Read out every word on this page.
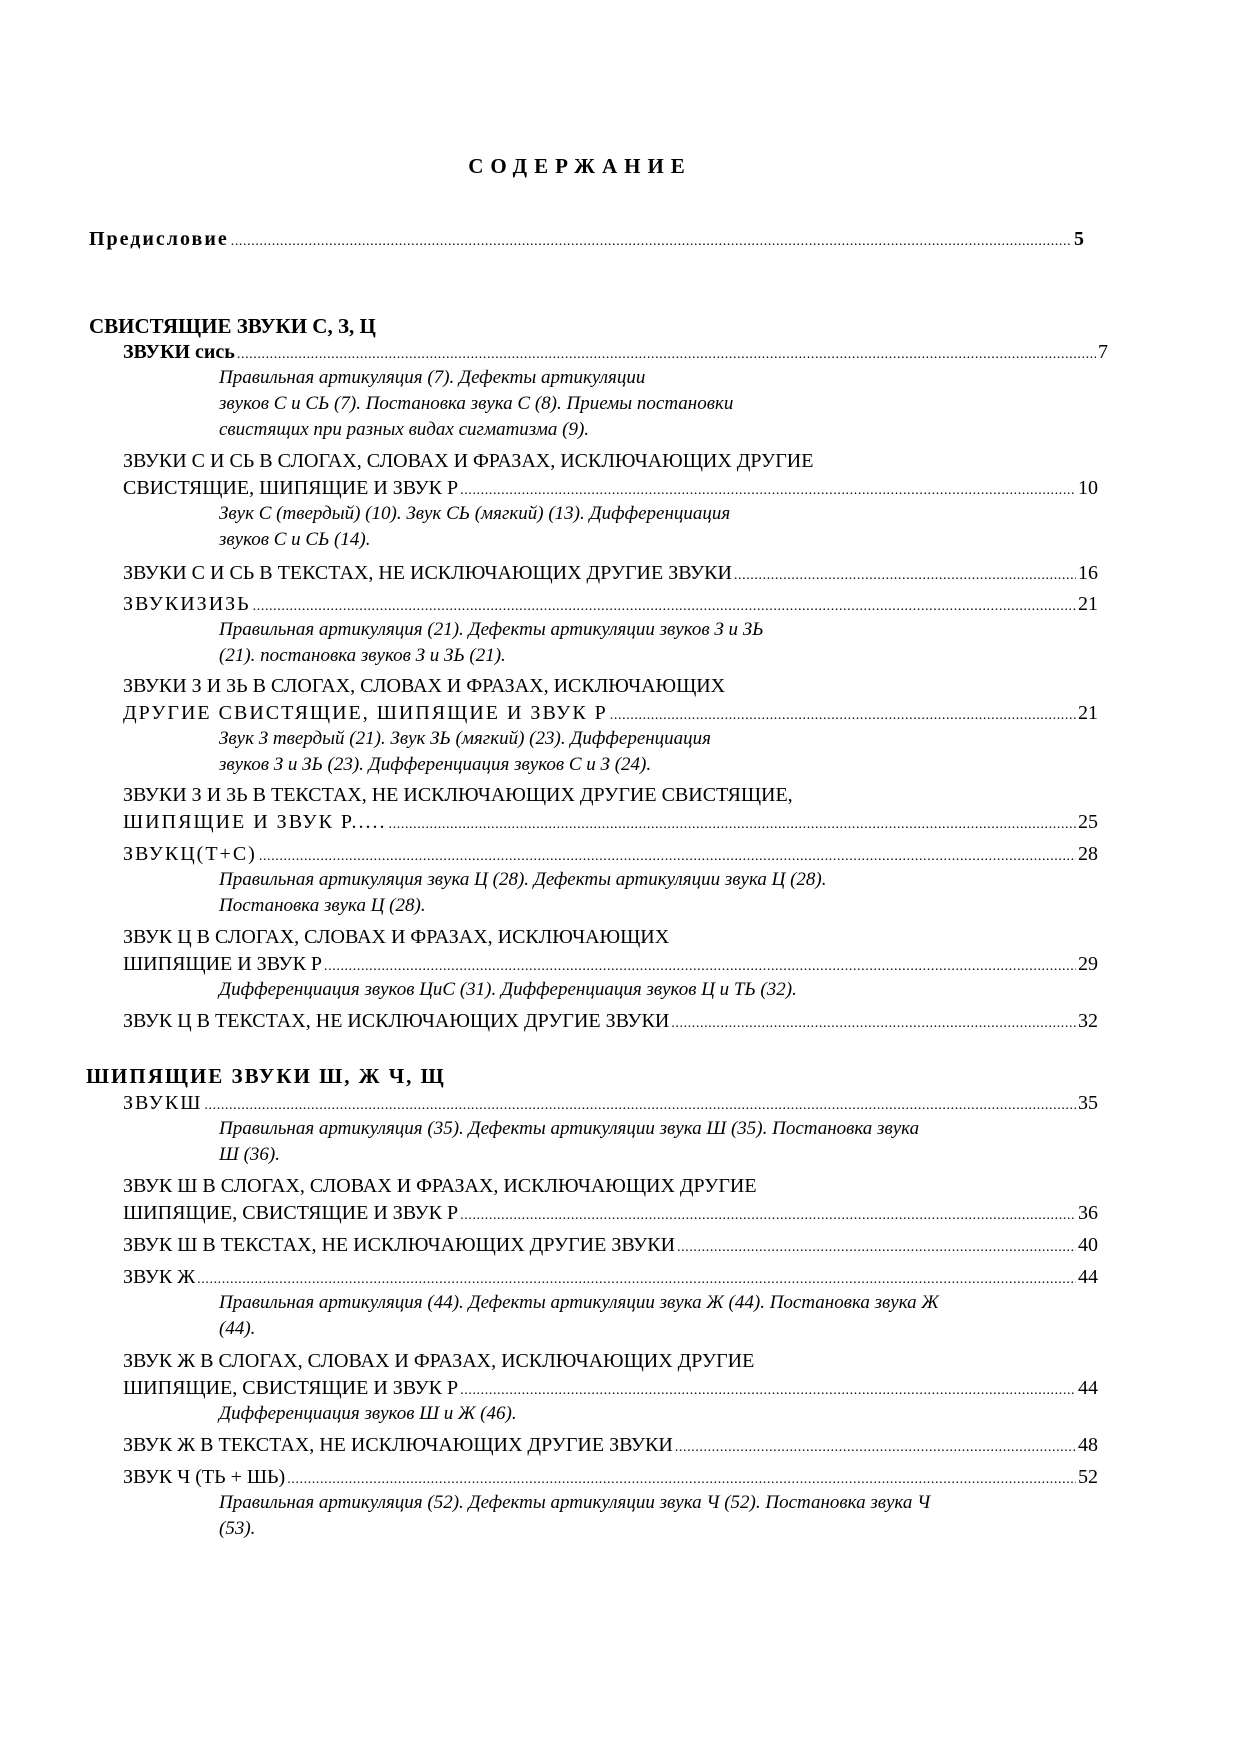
СОДЕРЖАНИЕ
Предисловие .....	5
СВИСТЯЩИЕ ЗВУКИ С, З, Ц
ЗВУКИ сись .....	7
Правильная артикуляция (7). Дефекты артикуляции
звуков С и СЬ (7). Постановка звука С (8). Приемы постановки
свистящих при разных видах сигматизма (9).
ЗВУКИ С И СЬ В СЛОГАХ, СЛОВАХ И ФРАЗАХ, ИСКЛЮЧАЮЩИХ ДРУГИЕ
СВИСТЯЩИЕ, ШИПЯЩИЕ И ЗВУК Р .....	10
Звук С (твердый) (10). Звук СЬ (мягкий) (13). Дифференциация
звуков С и СЬ (14).
ЗВУКИ С И СЬ В ТЕКСТАХ, НЕ ИСКЛЮЧАЮЩИХ ДРУГИЕ ЗВУКИ .....	16
ЗВУКИЗИЗЬ .....	21
Правильная артикуляция (21). Дефекты артикуляции звуков З и ЗЬ
(21). постановка звуков З и ЗЬ (21).
ЗВУКИ З И ЗЬ В СЛОГАХ, СЛОВАХ И ФРАЗАХ, ИСКЛЮЧАЮЩИХ
ДРУГИЕ СВИСТЯЩИЕ, ШИПЯЩИЕ И ЗВУК Р .....	21
Звук З твердый (21). Звук ЗЬ (мягкий) (23). Дифференциация
звуков З и ЗЬ (23). Дифференциация звуков С и З (24).
ЗВУКИ З И ЗЬ В ТЕКСТАХ, НЕ ИСКЛЮЧАЮЩИХ ДРУГИЕ СВИСТЯЩИЕ,
ШИПЯЩИЕ И ЗВУК Р..... .....	25
ЗВУКЦ(Т+С) .....	28
Правильная артикуляция звука Ц (28). Дефекты артикуляции звука Ц (28).
Постановка звука Ц (28).
ЗВУК Ц В СЛОГАХ, СЛОВАХ И ФРАЗАХ, ИСКЛЮЧАЮЩИХ
ШИПЯЩИЕ И ЗВУК Р .....	29
Дифференциация звуков ЦиС (31). Дифференциация звуков Ц и ТЬ (32).
ЗВУК Ц В ТЕКСТАХ, НЕ ИСКЛЮЧАЮЩИХ ДРУГИЕ ЗВУКИ .....	32
ШИПЯЩИЕ ЗВУКИ Ш, Ж Ч, Щ
ЗВУКШ .....	35
Правильная артикуляция (35). Дефекты артикуляции звука Ш (35). Постановка звука
Ш (36).
ЗВУК Ш В СЛОГАХ, СЛОВАХ И ФРАЗАХ, ИСКЛЮЧАЮЩИХ ДРУГИЕ
ШИПЯЩИЕ, СВИСТЯЩИЕ И ЗВУК Р .....	36
ЗВУК Ш В ТЕКСТАХ, НЕ ИСКЛЮЧАЮЩИХ ДРУГИЕ ЗВУКИ .....	40
ЗВУК Ж .....	44
Правильная артикуляция (44). Дефекты артикуляции звука Ж (44). Постановка звука Ж
(44).
ЗВУК Ж В СЛОГАХ, СЛОВАХ И ФРАЗАХ, ИСКЛЮЧАЮЩИХ ДРУГИЕ
ШИПЯЩИЕ, СВИСТЯЩИЕ И ЗВУК Р .....	44
Дифференциация звуков Ш и Ж (46).
ЗВУК Ж В ТЕКСТАХ, НЕ ИСКЛЮЧАЮЩИХ ДРУГИЕ ЗВУКИ .....	48
ЗВУК Ч (ТЬ + ШЬ) .....	52
Правильная артикуляция (52). Дефекты артикуляции звука Ч (52). Постановка звука Ч
(53).
